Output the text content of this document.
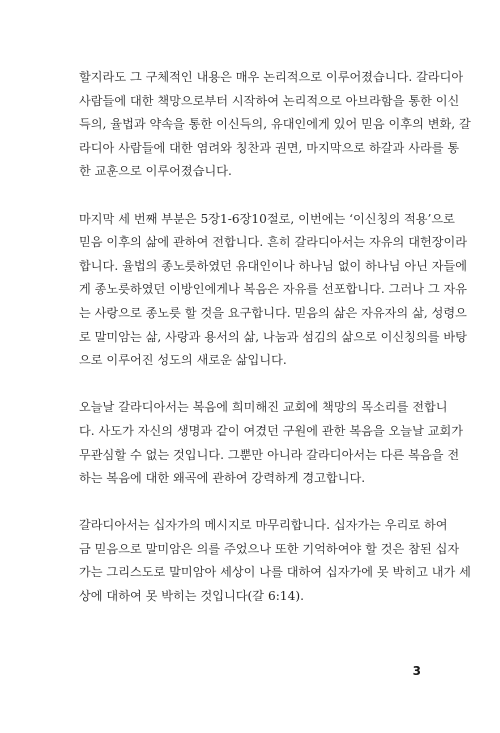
할지라도 그 구체적인 내용은 매우 논리적으로 이루어졌습니다. 갈라디아
사람들에 대한 책망으로부터 시작하여 논리적으로 아브라함을 통한 이신
득의, 율법과 약속을 통한 이신득의, 유대인에게 있어 믿음 이후의 변화, 갈
라디아 사람들에 대한 염려와 칭찬과 권면, 마지막으로 하갈과 사라를 통
한 교훈으로 이루어졌습니다.

마지막 세 번째 부분은 5장1-6장10절로, 이번에는 ‘이신칭의 적용’으로
믿음 이후의 삶에 관하여 전합니다. 흔히 갈라디아서는 자유의 대헌장이라
합니다. 율법의 종노릇하였던 유대인이나 하나님 없이 하나님 아닌 자들에
게 종노릇하였던 이방인에게나 복음은 자유를 선포합니다. 그러나 그 자유
는 사랑으로 종노릇 할 것을 요구합니다. 믿음의 삶은 자유자의 삶, 성령으
로 말미암는 삶, 사랑과 용서의 삶, 나눔과 섬김의 삶으로 이신칭의를 바탕
으로 이루어진 성도의 새로운 삶입니다.

오늘날 갈라디아서는 복음에 희미해진 교회에 책망의 목소리를 전합니
다. 사도가 자신의 생명과 같이 여겼던 구원에 관한 복음을 오늘날 교회가
무관심할 수 없는 것입니다. 그뿐만 아니라 갈라디아서는 다른 복음을 전
하는 복음에 대한 왜곡에 관하여 강력하게 경고합니다.

갈라디아서는 십자가의 메시지로 마무리합니다. 십자가는 우리로 하여
금 믿음으로 말미암은 의를 주었으나 또한 기억하여야 할 것은 참된 십자
가는 그리스도로 말미암아 세상이 나를 대하여 십자가에 못 박히고 내가 세
상에 대하여 못 박히는 것입니다(갈 6:14).

3
